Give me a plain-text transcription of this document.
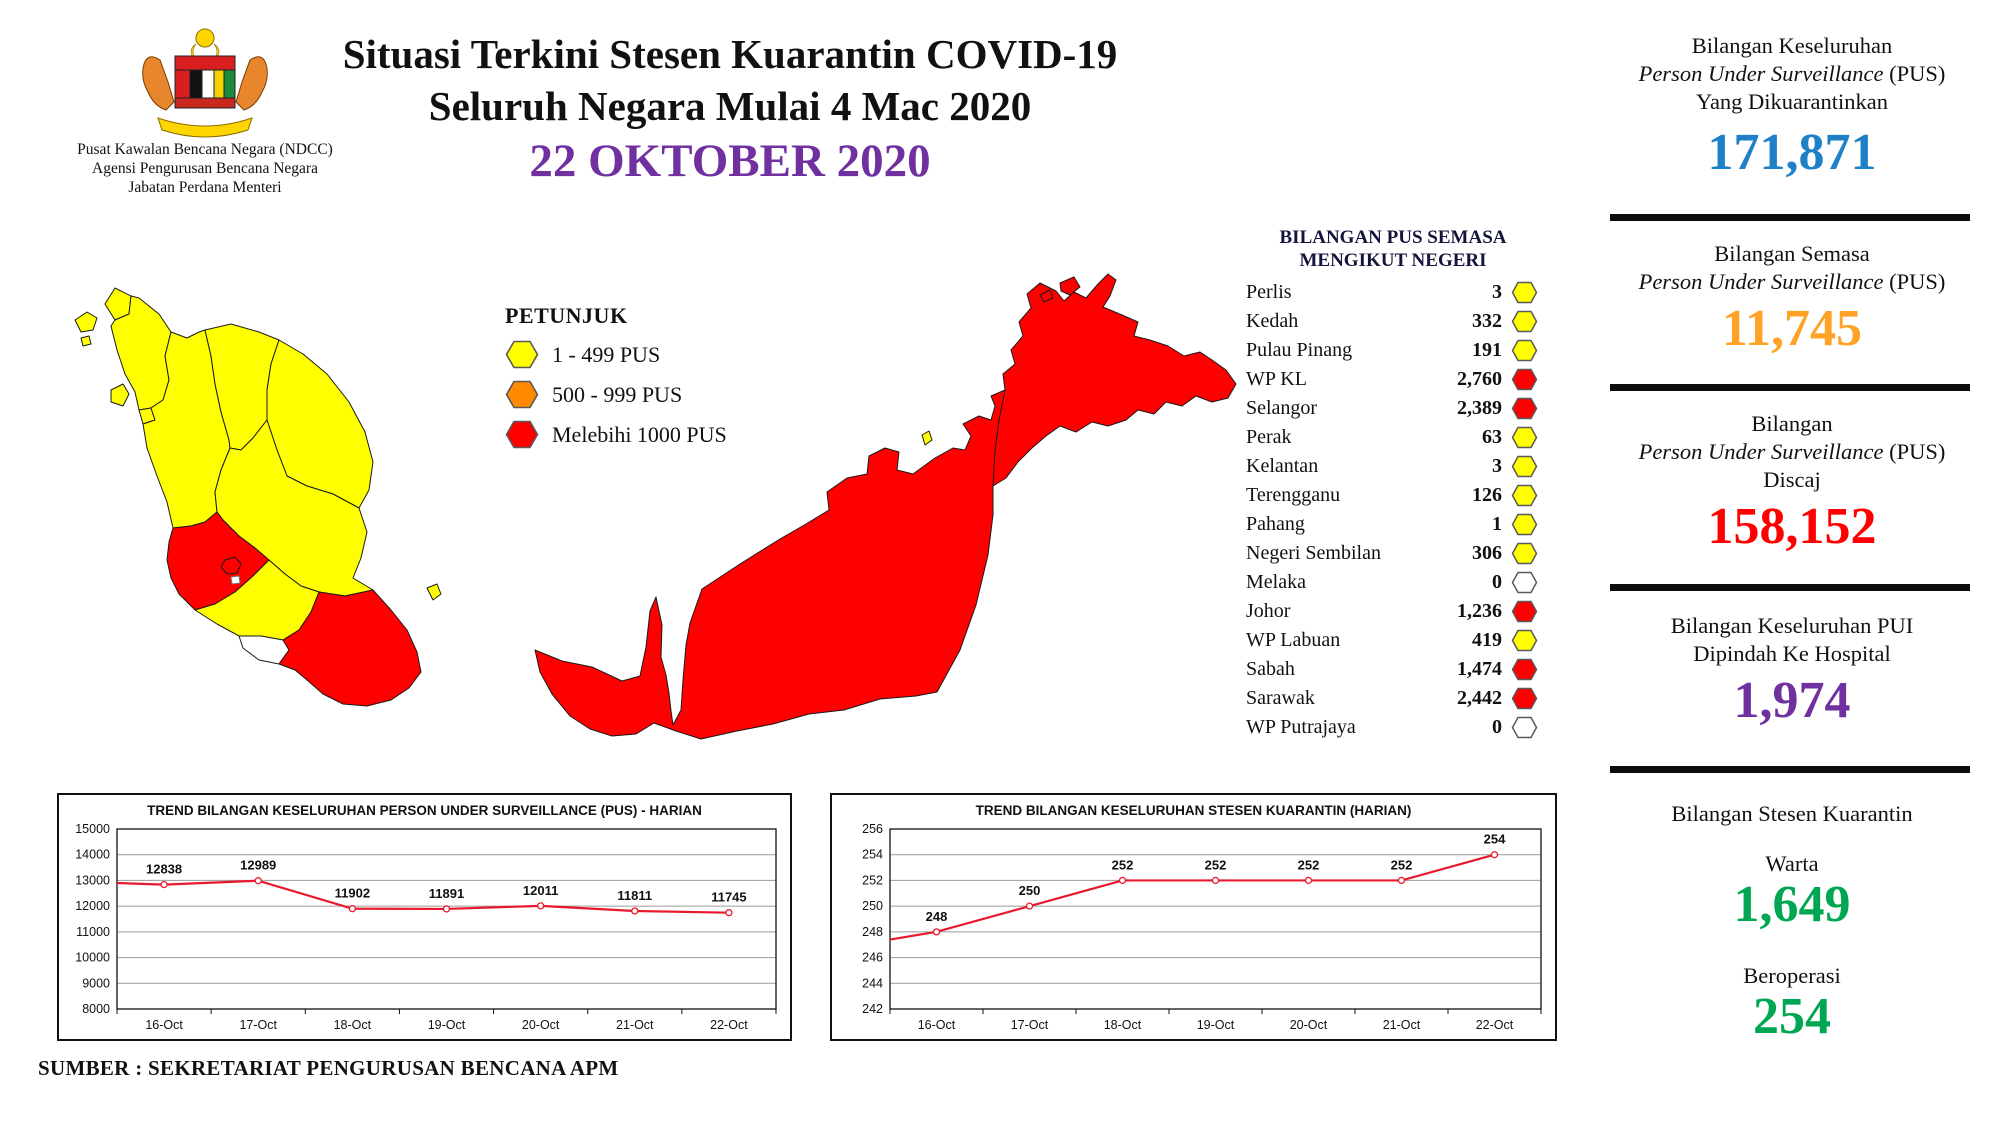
Pusat Kawalan Bencana Negara (NDCC)
Agensi Pengurusan Bencana Negara
Jabatan Perdana Menteri
Situasi Terkini Stesen Kuarantin COVID-19
Seluruh Negara Mulai 4 Mac 2020
22 OKTOBER 2020
PETUNJUK
1 - 499 PUS
500 - 999 PUS
Melebihi 1000 PUS
BILANGAN PUS SEMASA
MENGIKUT NEGERI
Perlis	3
Kedah	332
Pulau Pinang	191
WP KL	2,760
Selangor	2,389
Perak	63
Kelantan	3
Terengganu	126
Pahang	1
Negeri Sembilan	306
Melaka	0
Johor	1,236
WP Labuan	419
Sabah	1,474
Sarawak	2,442
WP Putrajaya	0
Bilangan Keseluruhan
Person Under Surveillance (PUS)
Yang Dikuarantinkan
171,871
Bilangan Semasa
Person Under Surveillance (PUS)
11,745
Bilangan
Person Under Surveillance (PUS)
Discaj
158,152
Bilangan Keseluruhan PUI
Dipindah Ke Hospital
1,974
Bilangan Stesen Kuarantin
Warta
1,649
Beroperasi
254
TREND BILANGAN KESELURUHAN PERSON UNDER SURVEILLANCE (PUS) - HARIAN
8000
9000
10000
11000
12000
13000
14000
15000
12838
16-Oct
12989
17-Oct
11902
18-Oct
11891
19-Oct
12011
20-Oct
11811
21-Oct
11745
22-Oct
TREND BILANGAN KESELURUHAN STESEN KUARANTIN (HARIAN)
242
244
246
248
250
252
254
256
248
16-Oct
250
17-Oct
252
18-Oct
252
19-Oct
252
20-Oct
252
21-Oct
254
22-Oct
SUMBER : SEKRETARIAT PENGURUSAN BENCANA APM
